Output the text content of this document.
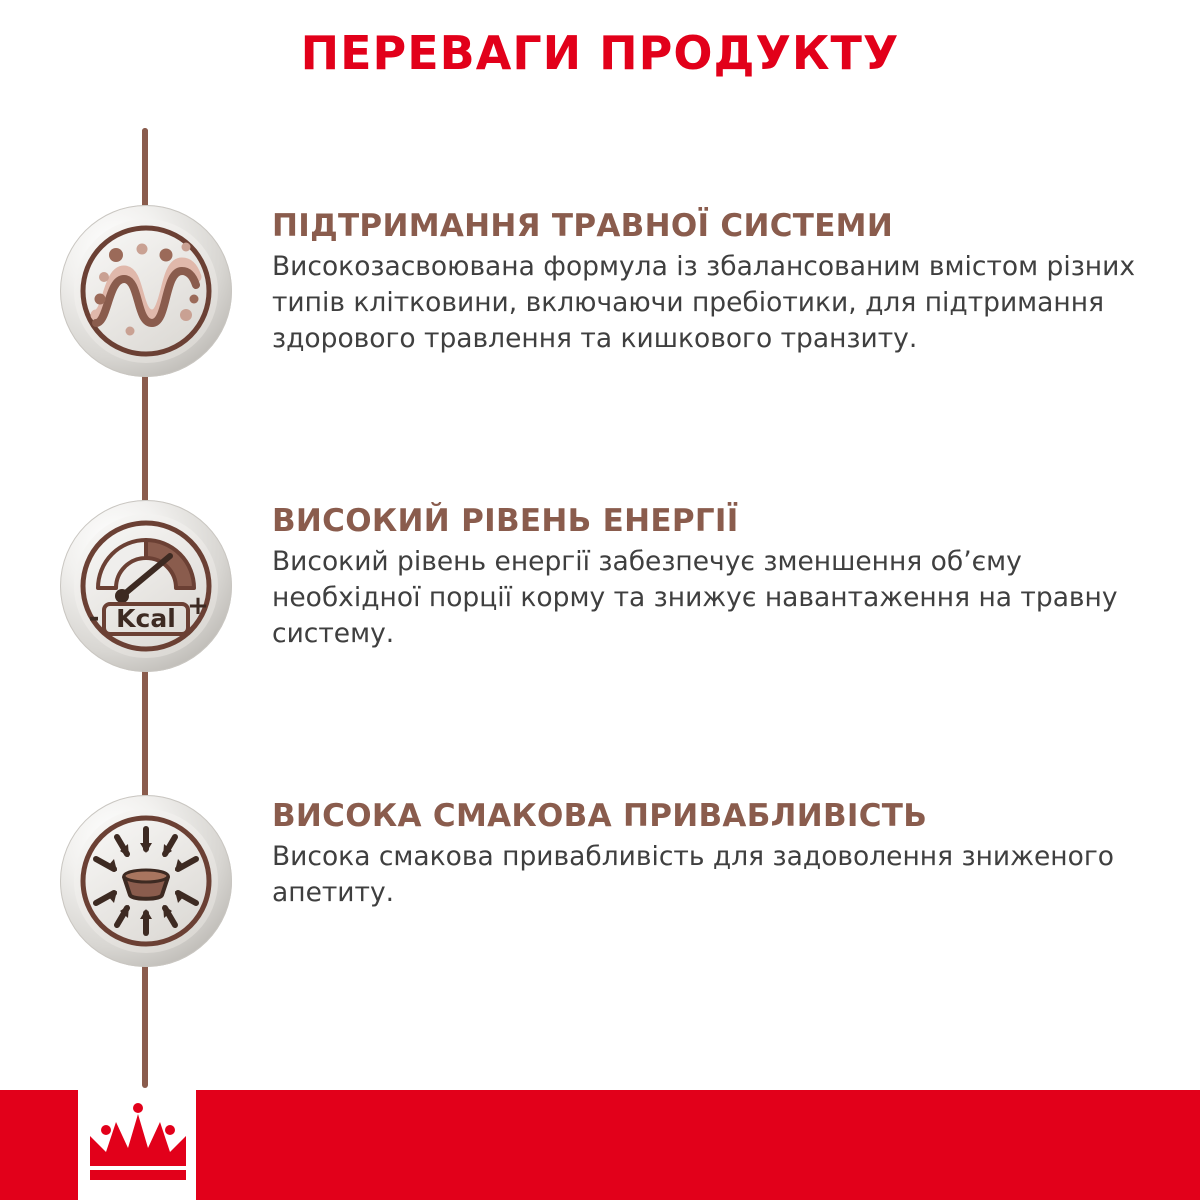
ПЕРЕВАГИ ПРОДУКТУ
ПІДТРИМАННЯ ТРАВНОЇ СИСТЕМИ
Високозасвоювана формула із збалансованим вмістом різних типів клітковини, включаючи пребіотики, для підтримання здорового травлення та кишкового транзиту.
Kcal
-	+
ВИСОКИЙ РІВЕНЬ ЕНЕРГІЇ
Високий рівень енергії забезпечує зменшення об’єму необхідної порції корму та знижує навантаження на травну систему.
ВИСОКА СМАКОВА ПРИВАБЛИВІСТЬ
Висока смакова привабливість для задоволення зниженого апетиту.
